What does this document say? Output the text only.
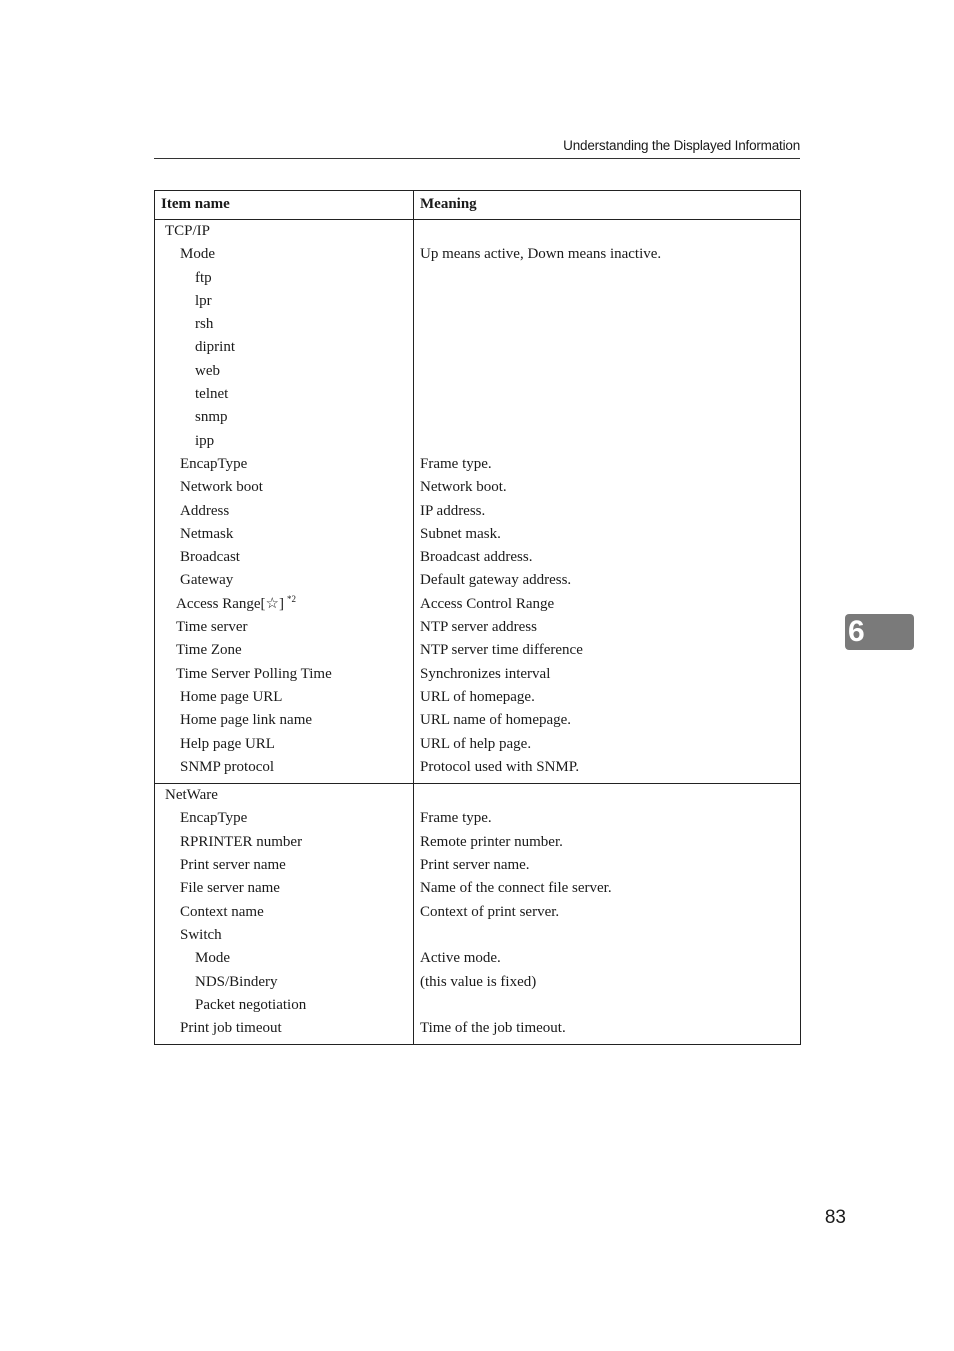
Understanding the Displayed Information
Item name	Meaning
TCP/IP	
Mode	Up means active, Down means inactive.
ftp	
lpr	
rsh	
diprint	
web	
telnet	
snmp	
ipp	
EncapType	Frame type.
Network boot	Network boot.
Address	IP address.
Netmask	Subnet mask.
Broadcast	Broadcast address.
Gateway	Default gateway address.
Access Range[☆] $^{*2}$	Access Control Range
Time server	NTP server address
Time Zone	NTP server time difference
Time Server Polling Time	Synchronizes interval
Home page URL	URL of homepage.
Home page link name	URL name of homepage.
Help page URL	URL of help page.
SNMP protocol	Protocol used with SNMP.
NetWare	
EncapType	Frame type.
RPRINTER number	Remote printer number.
Print server name	Print server name.
File server name	Name of the connect file server.
Context name	Context of print server.
Switch	
Mode	Active mode.
NDS/Bindery	(this value is fixed)
Packet negotiation	
Print job timeout	Time of the job timeout.
6
83
